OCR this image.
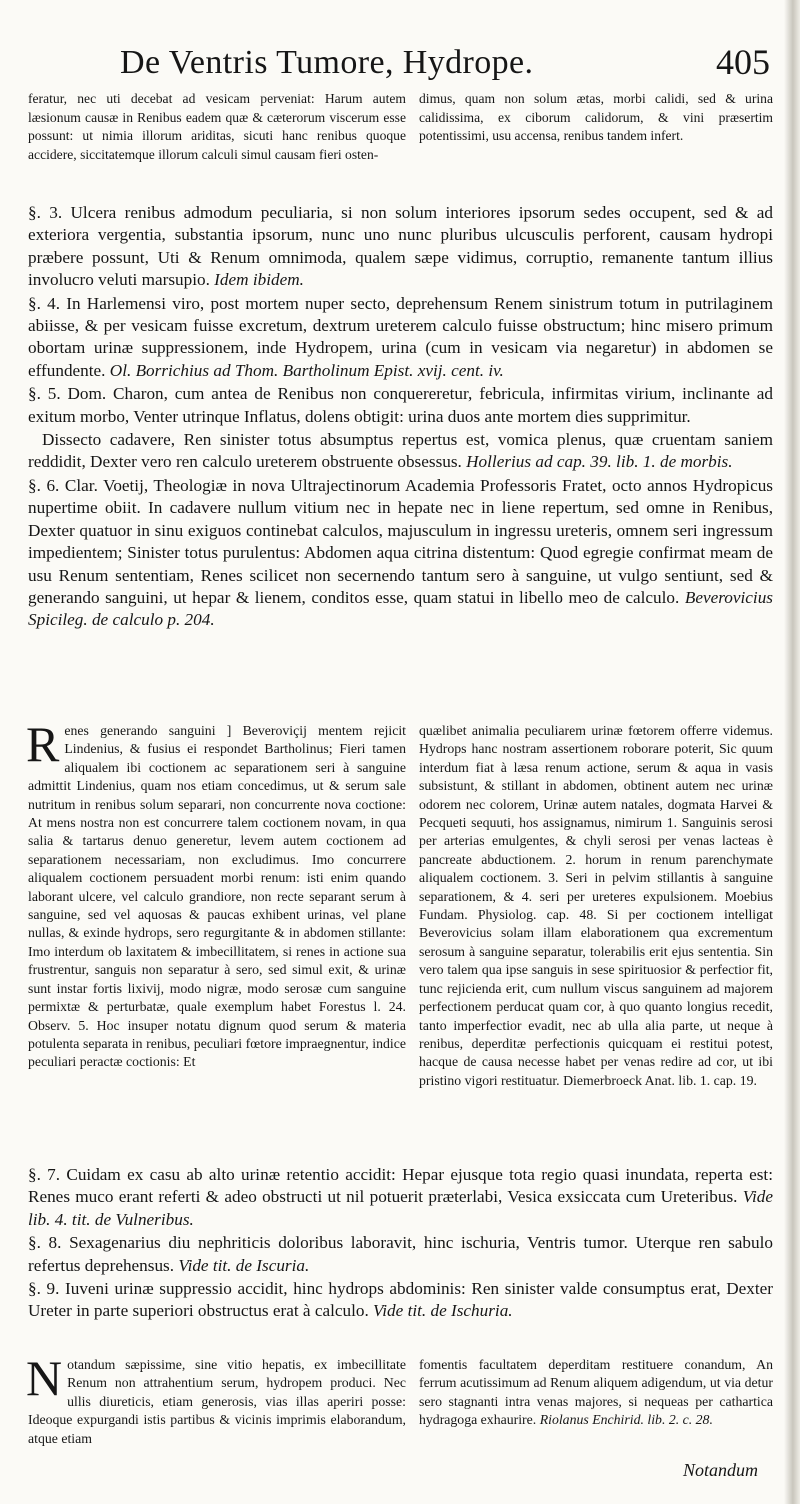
De Ventris Tumore, Hydrope.	405

feratur, nec uti decebat ad vesicam perveniat: Harum autem læsionum causæ in Renibus eadem quæ & cæterorum viscerum esse possunt: ut nimia illorum ariditas, sicuti hanc renibus quoque accidere, siccitatemque illorum calculi simul causam fieri osten-

dimus, quam non solum ætas, morbi calidi, sed & urina calidissima, ex ciborum calidorum, & vini præsertim potentissimi, usu accensa, renibus tandem infert.

§. 3. Ulcera renibus admodum peculiaria, si non solum interiores ipsorum sedes occupent, sed & ad exteriora vergentia, substantia ipsorum, nunc uno nunc pluribus ulcusculis perforent, causam hydropi præbere possunt, Uti & Renum omnimoda, qualem sæpe vidimus, corruptio, remanente tantum illius involucro veluti marsupio. Idem ibidem.

§. 4. In Harlemensi viro, post mortem nuper secto, deprehensum Renem sinistrum totum in putrilaginem abiisse, & per vesicam fuisse excretum, dextrum ureterem calculo fuisse obstructum; hinc misero primum obortam urinæ suppressionem, inde Hydropem, urina (cum in vesicam via negaretur) in abdomen se effundente. Ol. Borrichius ad Thom. Bartholinum Epist. xvij. cent. iv.

§. 5. Dom. Charon, cum antea de Renibus non conquereretur, febricula, infirmitas virium, inclinante ad exitum morbo, Venter utrinque Inflatus, dolens obtigit: urina duos ante mortem dies supprimitur.

Dissecto cadavere, Ren sinister totus absumptus repertus est, vomica plenus, quæ cruentam saniem reddidit, Dexter vero ren calculo ureterem obstruente obsessus. Hollerius ad cap. 39. lib. 1. de morbis.

§. 6. Clar. Voetij, Theologiæ in nova Ultrajectinorum Academia Professoris Fratet, octo annos Hydropicus nupertime obiit. In cadavere nullum vitium nec in hepate nec in liene repertum, sed omne in Renibus, Dexter quatuor in sinu exiguos continebat calculos, majusculum in ingressu ureteris, omnem seri ingressum impedientem; Sinister totus purulentus: Abdomen aqua citrina distentum: Quod egregie confirmat meam de usu Renum sententiam, Renes scilicet non secernendo tantum sero à sanguine, ut vulgo sentiunt, sed & generando sanguini, ut hepar & lienem, conditos esse, quam statui in libello meo de calculo. Beverovicius Spicileg. de calculo p. 204.

Renes generando sanguini ] Beveroviçij mentem rejicit Lindenius, & fusius ei respondet Bartholinus; Fieri tamen aliqualem ibi coctionem ac separationem seri à sanguine admittit Lindenius, quam nos etiam concedimus, ut & serum sale nutritum in renibus solum separari, non concurrente nova coctione: At mens nostra non est concurrere talem coctionem novam, in qua salia & tartarus denuo generetur, levem autem coctionem ad separationem necessariam, non excludimus. Imo concurrere aliqualem coctionem persuadent morbi renum: isti enim quando laborant ulcere, vel calculo grandiore, non recte separant serum à sanguine, sed vel aquosas & paucas exhibent urinas, vel plane nullas, & exinde hydrops, sero regurgitante & in abdomen stillante: Imo interdum ob laxitatem & imbecillitatem, si renes in actione sua frustrentur, sanguis non separatur à sero, sed simul exit, & urinæ sunt instar fortis lixivij, modo nigræ, modo serosæ cum sanguine permixtæ & perturbatæ, quale exemplum habet Forestus l. 24. Observ. 5. Hoc insuper notatu dignum quod serum & materia potulenta separata in renibus, peculiari fœtore impraegnentur, indice peculiari peractæ coctionis: Et

quælibet animalia peculiarem urinæ fœtorem offerre videmus. Hydrops hanc nostram assertionem roborare poterit, Sic quum interdum fiat à læsa renum actione, serum & aqua in vasis subsistunt, & stillant in abdomen, obtinent autem nec urinæ odorem nec colorem, Urinæ autem natales, dogmata Harvei & Pecqueti sequuti, hos assignamus, nimirum 1. Sanguinis serosi per arterias emulgentes, & chyli serosi per venas lacteas è pancreate abductionem. 2. horum in renum parenchymate aliqualem coctionem. 3. Seri in pelvim stillantis à sanguine separationem, & 4. seri per ureteres expulsionem. Moebius Fundam. Physiolog. cap. 48. Si per coctionem intelligat Beverovicius solam illam elaborationem qua excrementum serosum à sanguine separatur, tolerabilis erit ejus sententia. Sin vero talem qua ipse sanguis in sese spirituosior & perfectior fit, tunc rejicienda erit, cum nullum viscus sanguinem ad majorem perfectionem perducat quam cor, à quo quanto longius recedit, tanto imperfectior evadit, nec ab ulla alia parte, ut neque à renibus, deperditæ perfectionis quicquam ei restitui potest, hacque de causa necesse habet per venas redire ad cor, ut ibi pristino vigori restituatur. Diemerbroeck Anat. lib. 1. cap. 19.

§. 7. Cuidam ex casu ab alto urinæ retentio accidit: Hepar ejusque tota regio quasi inundata, reperta est: Renes muco erant referti & adeo obstructi ut nil potuerit præterlabi, Vesica exsiccata cum Ureteribus. Vide lib. 4. tit. de Vulneribus.

§. 8. Sexagenarius diu nephriticis doloribus laboravit, hinc ischuria, Ventris tumor. Uterque ren sabulo refertus deprehensus. Vide tit. de Iscuria.

§. 9. Iuveni urinæ suppressio accidit, hinc hydrops abdominis: Ren sinister valde consumptus erat, Dexter Ureter in parte superiori obstructus erat à calculo. Vide tit. de Ischuria.

Notandum sæpissime, sine vitio hepatis, ex imbecillitate Renum non attrahentium serum, hydropem produci. Nec ullis diureticis, etiam generosis, vias illas aperiri posse: Ideoque expurgandi istis partibus & vicinis imprimis elaborandum, atque etiam

fomentis facultatem deperditam restituere conandum, An ferrum acutissimum ad Renum aliquem adigendum, ut via detur sero stagnanti intra venas majores, si nequeas per cathartica hydragoga exhaurire. Riolanus Enchirid. lib. 2. c. 28.

Notandum
